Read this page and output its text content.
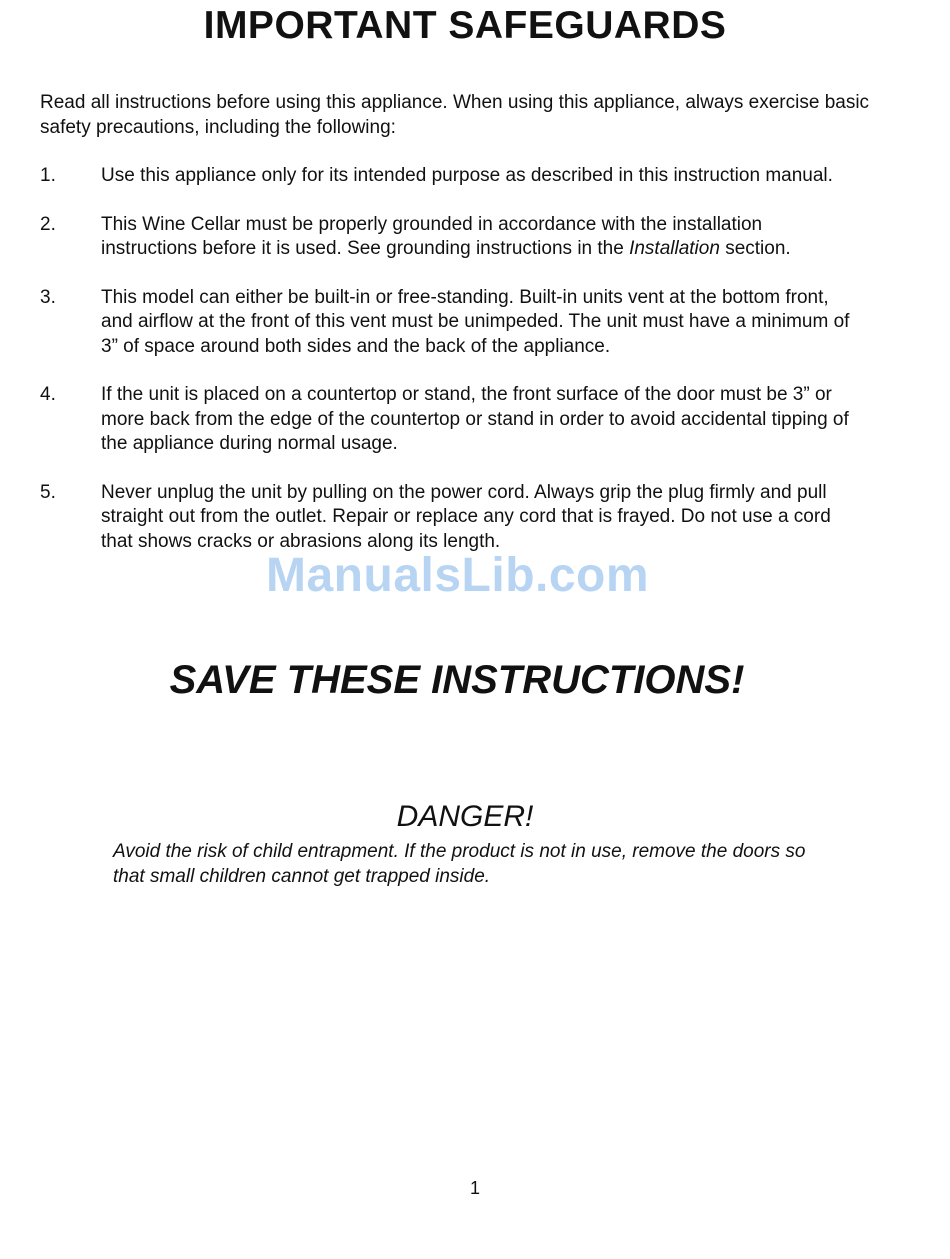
IMPORTANT SAFEGUARDS

Read all instructions before using this appliance. When using this appliance, always exercise basic safety precautions, including the following:

1. Use this appliance only for its intended purpose as described in this instruction manual.
2. This Wine Cellar must be properly grounded in accordance with the installation instructions before it is used. See grounding instructions in the Installation section.
3. This model can either be built-in or free-standing. Built-in units vent at the bottom front, and airflow at the front of this vent must be unimpeded. The unit must have a minimum of 3” of space around both sides and the back of the appliance.
4. If the unit is placed on a countertop or stand, the front surface of the door must be 3” or more back from the edge of the countertop or stand in order to avoid accidental tipping of the appliance during normal usage.
5. Never unplug the unit by pulling on the power cord. Always grip the plug firmly and pull straight out from the outlet. Repair or replace any cord that is frayed. Do not use a cord that shows cracks or abrasions along its length.
ManualsLib.com
SAVE THESE INSTRUCTIONS!
DANGER!

Avoid the risk of child entrapment. If the product is not in use, remove the doors so that small children cannot get trapped inside.

1
